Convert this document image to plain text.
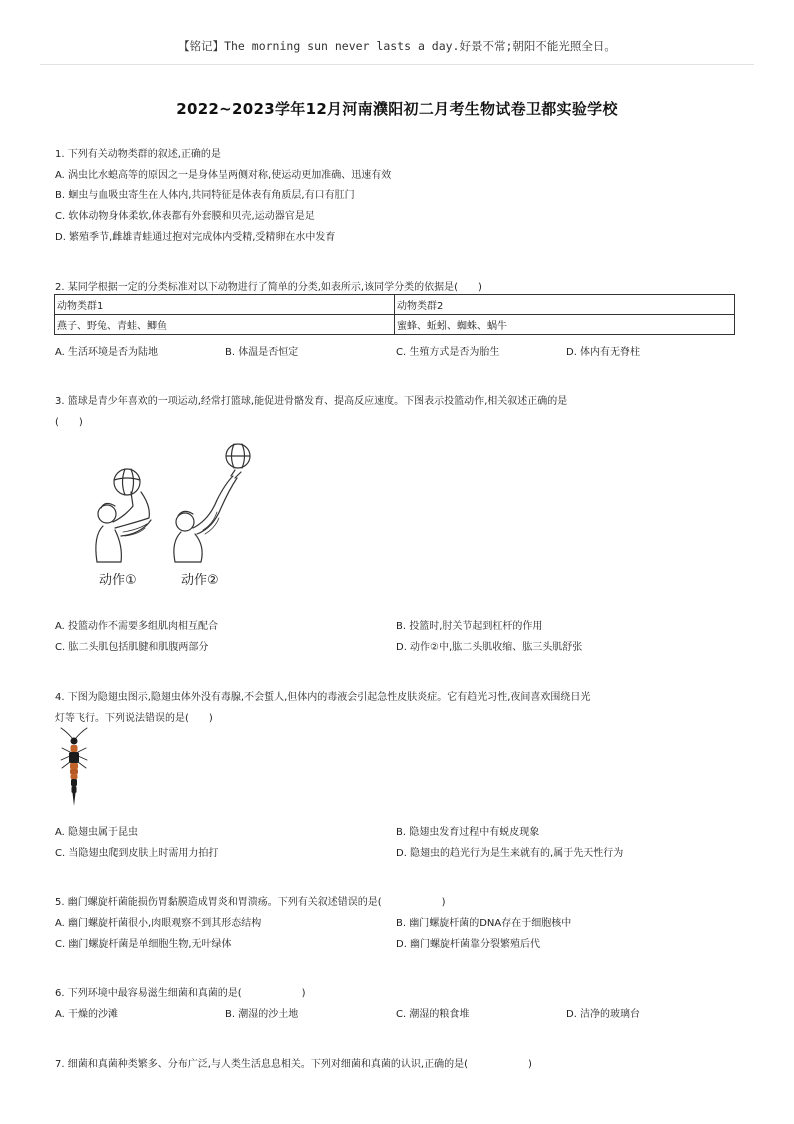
【铭记】The morning sun never lasts a day.好景不常;朝阳不能光照全日。
2022~2023学年12月河南濮阳初二月考生物试卷卫都实验学校
1. 下列有关动物类群的叙述,正确的是
A. 涡虫比水螅高等的原因之一是身体呈两侧对称,使运动更加准确、迅速有效
B. 蛔虫与血吸虫寄生在人体内,共同特征是体表有角质层,有口有肛门
C. 软体动物身体柔软,体表都有外套膜和贝壳,运动器官是足
D. 繁殖季节,雌雄青蛙通过抱对完成体内受精,受精卵在水中发育
2. 某同学根据一定的分类标准对以下动物进行了简单的分类,如表所示,该同学分类的依据是(　　)
动物类群1	动物类群2
燕子、野兔、青蛙、鲫鱼	蜜蜂、蚯蚓、蜘蛛、蜗牛
A. 生活环境是否为陆地	B. 体温是否恒定	C. 生殖方式是否为胎生	D. 体内有无脊柱
3. 篮球是青少年喜欢的一项运动,经常打篮球,能促进骨骼发育、提高反应速度。下图表示投篮动作,相关叙述正确的是
(　　)
动作①	动作②
A. 投篮动作不需要多组肌肉相互配合	B. 投篮时,肘关节起到杠杆的作用
C. 肱二头肌包括肌腱和肌腹两部分	D. 动作②中,肱二头肌收缩、肱三头肌舒张
4. 下图为隐翅虫图示,隐翅虫体外没有毒腺,不会蜇人,但体内的毒液会引起急性皮肤炎症。它有趋光习性,夜间喜欢围绕日光
灯等飞行。下列说法错误的是(　　)
A. 隐翅虫属于昆虫	B. 隐翅虫发育过程中有蜕皮现象
C. 当隐翅虫爬到皮肤上时需用力拍打	D. 隐翅虫的趋光行为是生来就有的,属于先天性行为
5. 幽门螺旋杆菌能损伤胃黏膜造成胃炎和胃溃疡。下列有关叙述错误的是(　　　　　　)
A. 幽门螺旋杆菌很小,肉眼观察不到其形态结构	B. 幽门螺旋杆菌的DNA存在于细胞核中
C. 幽门螺旋杆菌是单细胞生物,无叶绿体	D. 幽门螺旋杆菌靠分裂繁殖后代
6. 下列环境中最容易滋生细菌和真菌的是(　　　　　　)
A. 干燥的沙滩	B. 潮湿的沙土地	C. 潮湿的粮食堆	D. 洁净的玻璃台
7. 细菌和真菌种类繁多、分布广泛,与人类生活息息相关。下列对细菌和真菌的认识,正确的是(　　　　　　)
